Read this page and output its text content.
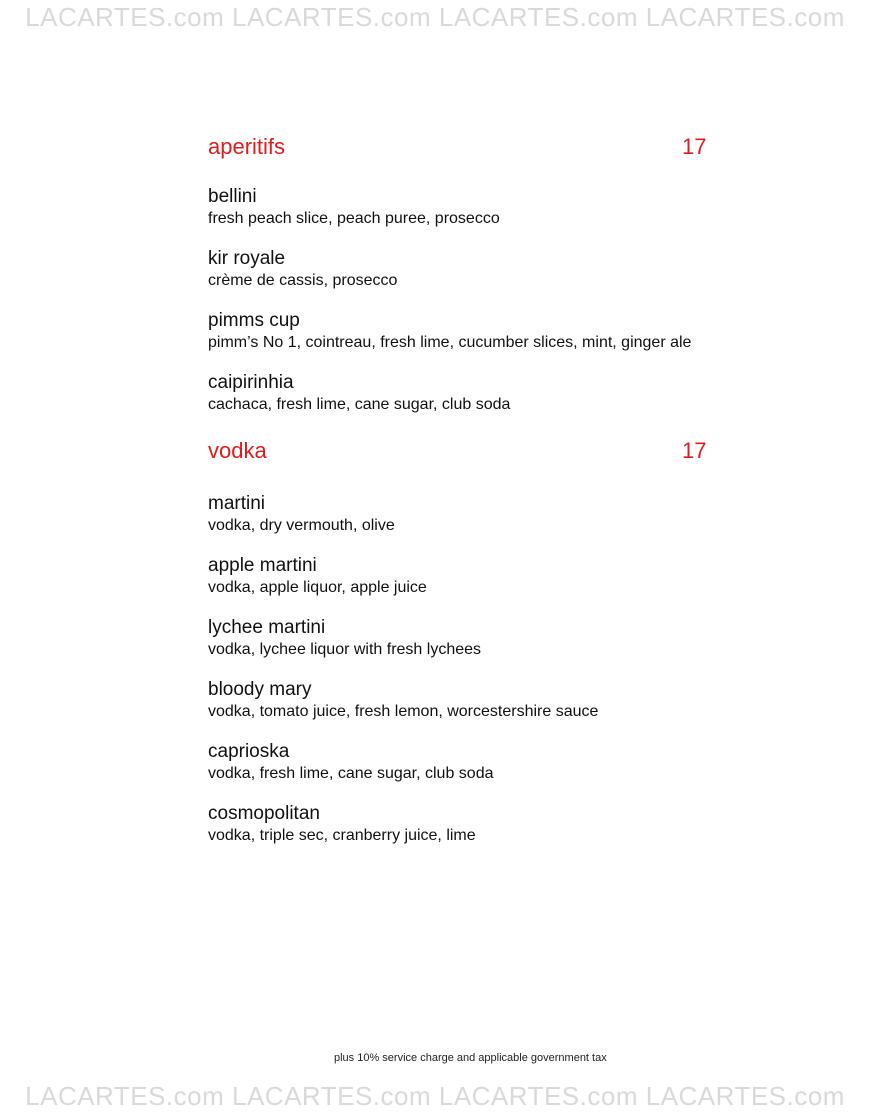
LACARTES.com LACARTES.com LACARTES.com LACARTES.com
aperitifs	17
bellini
fresh peach slice, peach puree, prosecco
kir royale
crème de cassis, prosecco
pimms cup
pimm’s No 1, cointreau, fresh lime, cucumber slices, mint, ginger ale
caipirinhia
cachaca, fresh lime, cane sugar, club soda
vodka	17
martini
vodka, dry vermouth, olive
apple martini
vodka, apple liquor, apple juice
lychee martini
vodka, lychee liquor with fresh lychees
bloody mary
vodka, tomato juice, fresh lemon, worcestershire sauce
caprioska
vodka, fresh lime, cane sugar, club soda
cosmopolitan
vodka, triple sec, cranberry juice, lime
plus 10% service charge and applicable government tax
LACARTES.com LACARTES.com LACARTES.com LACARTES.com
